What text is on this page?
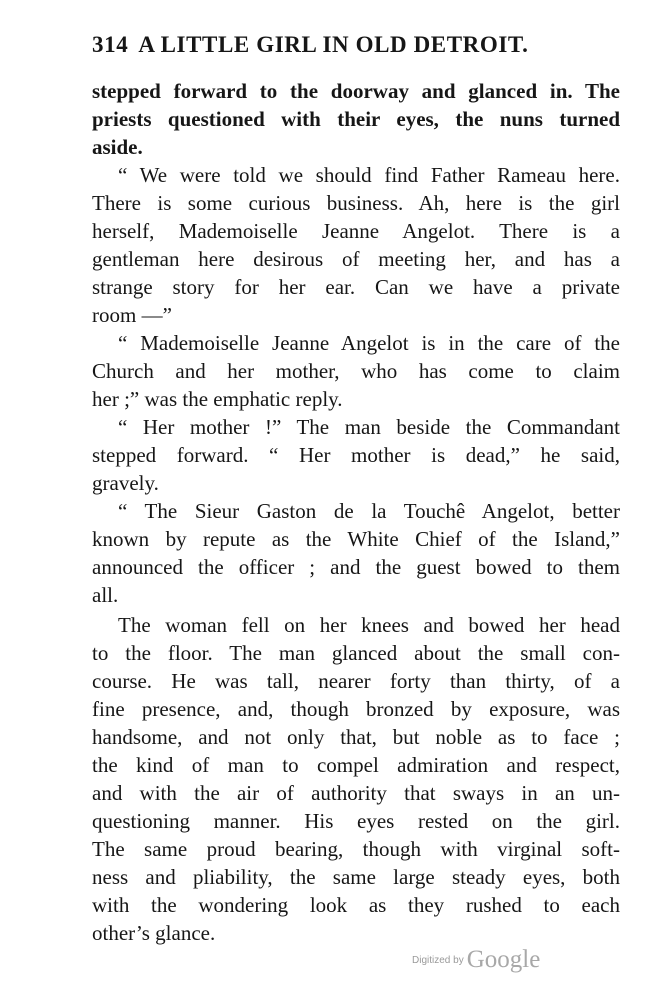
314 A LITTLE GIRL IN OLD DETROIT.
stepped forward to the doorway and glanced in. The
priests questioned with their eyes, the nuns turned
aside.
“ We were told we should find Father Rameau here.
There is some curious business. Ah, here is the girl
herself, Mademoiselle Jeanne Angelot. There is a
gentleman here desirous of meeting her, and has a
strange story for her ear. Can we have a private
room —”
“ Mademoiselle Jeanne Angelot is in the care of the
Church and her mother, who has come to claim
her ;” was the emphatic reply.
“ Her mother !” The man beside the Commandant
stepped forward. “ Her mother is dead,” he said,
gravely.
“ The Sieur Gaston de la Touchê Angelot, better
known by repute as the White Chief of the Island,”
announced the officer ; and the guest bowed to them
all.
The woman fell on her knees and bowed her head
to the floor. The man glanced about the small con-
course. He was tall, nearer forty than thirty, of a
fine presence, and, though bronzed by exposure, was
handsome, and not only that, but noble as to face ;
the kind of man to compel admiration and respect,
and with the air of authority that sways in an un-
questioning manner. His eyes rested on the girl.
The same proud bearing, though with virginal soft-
ness and pliability, the same large steady eyes, both
with the wondering look as they rushed to each
other’s glance.
$^{Digitized by}$ Google
